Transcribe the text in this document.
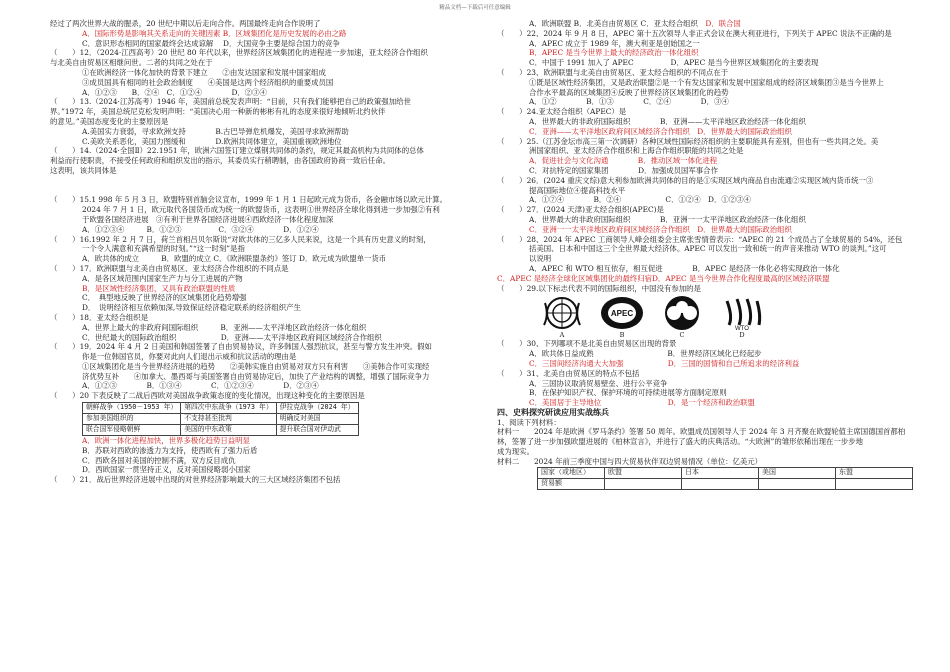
精品文档—下载后可任意编辑
经过了两次世界大战的腥杀，20 世纪中期以后走向合作。两国最终走向合作说明了
A．国际形势是影响其关系走向的关键因素 B．区域集团化是历史发展的必由之路
C．意识形态相同的国家最终会达成谅解　 D．大国竞争主要是综合国力的竞争
（　　）12．（2024·江西高考）20 世纪 80 年代以来，世界经济区域集团化的进程进一步加速，亚太经济合作组织
与北美自由贸易区相继问世。二者的共同之处在于
①在欧洲经济一体化加快的背景下建立　　②由发达国家和发展中国家组成
③成员国具有相同的社会政治制度　　④美国是这两个经济组织的重要成员国
A．①②③　　B．②④　C．①②④　　　　D．②③④
（　　）13.（2024·江苏高考）1946 年，美国前总统发表声明：“目前，只有我们能够把自己的政策强加给世
界。”1972 年，美国总统尼克松发明声明：“美国决心用一种新的彬彬有礼的态度来很好地倾听北约伙伴
的意见。”美国态度变化的主要原因是
A.美国实力衰弱，寻求欧洲支持　　　　B.古巴导弹危机爆发，美国寻求欧洲帮助
C.美欧关系恶化，美国力图缓和　　　　D.欧洲共同体建立，美国重视欧洲地位
（　　）14.（2024·全国Ⅱ）22.1951 年，欧洲六国签订建立煤钢共同体的条约，规定其最高机构为共同体的总体
利益而行使职责，不接受任何政府和组织发出的指示，其委员实行稍聘制，由各国政府协商一致后任命。
这表明，该共同体是
（　　）15.1 998 年 5 月 3 日，欧盟特别首脑会议宣布，1999 年 1 月 1 日起欧元成为货币，各金融市场以欧元计算。
2024 年 7 月 1 日，欧元取代各国货币成为统一的欧盟货币，这表明①世界经济全球化得到进一步加强②有利
于欧盟各国经济进展　③有利于世界各国经济进展④西欧经济一体化程度加深
A．①②③④　　　B．①②③　　　　　C．③②④　　　　D．①②④
（　　）16.1992 年 2 月 7 日，荷兰首相吕贝尔斯说“对欧共体的三亿多人民来说，这是一个具有历史意义的时刻，
一个令人满意和充满希望的时刻。”“这一时刻”是指
A．欧共体的成立　　　B．欧盟的成立 C．《欧洲联盟条约》签订 D．欧元成为欧盟单一货币
（　　）17．欧洲联盟与北美自由贸易区、亚太经济合作组织的不同点是
A．是各区域范围内国家生产力与分工进展的产物
B．是区域性经济集团，又具有政治联盟的性质
C．　典型地反映了世界经济的区域集团化趋势增强
D．　说明经济相互依赖加深,导致保证经济稳定联系的经济组织产生
（　　）18．亚太经合组织是
A．世界上最大的非政府间国际组织　　　B．亚洲——太平洋地区政治经济一体化组织
C．世纪最大的国际政治组织　　　　　　D．亚洲——太平洋地区政府间区域经济合作组织
（　　）19．2024 年 4 月 2 日美国和韩国签署了自由贸易协议，许多韩国人强烈抗议，甚至与警方发生冲突。假如
你是一位韩国官员，你要对此向人们退出示威和抗议活动的理由是
①区域集团化是当今世界经济进展的趋势　　②美韩实施自由贸易对双方只有利害　　③美韩合作可实现经
济优势互补　　④加拿大、墨西哥与美国签署自由贸易协定后，加快了产业结构的调整，增强了国际竞争力
A．①②③　　　　B．①③④　　　　C．①②③④　　　　D．②③④
（　　）20 下表反映了二战后西欧对美国战争政策态度的变化情况，出现这种变化的主要原因是
朝鲜战争（1950－1953 年）	第四次中东战争（1973 年）	伊拉克战争（2024 年）
参加美国组织的	不支持甚至批判	明确反对美国
联合国军侵略朝鲜	美国的中东政策	提升联合国对伊动武
A．欧洲一体化进程加快，世界多极化趋势日益明显
B．苏联对西欧的渗透力为支持，使西欧有了强力后盾
C．西欧各国对美国的控制不满，双方反目成仇
D．西欧国家一贯坚持正义，反对美国侵略弱小国家
（　　）21．战后世界经济进展中出现的对世界经济影响最大的三大区域经济集团不包括
A．欧洲联盟 B．北美自由贸易区 C．亚太经合组织　D．联合国
（　　）22、2024 年 9 月 8 日，APEC 第十五次领导人非正式会议在澳大利亚进行，下列关于 APEC 说法不正确的是
A．APEC 成立于 1989 年，澳大利亚是创始国之一
B．APEC 是当今世界上最大的经济政治一体化组织
C．中国于 1991 加入了 APEC　　　　　D．APEC 是当今世界区域集团化的主要表现
（　　）23、欧洲联盟与北美自由贸易区、亚太经合组织的不同点在于
①既是区域性经济集团，又是政治联盟②是一个有发达国家和发展中国家组成的经济区域集团③是当今世界上
合作水平最高的区域集团④反映了世界经济区域集团化的趋势
A．①②　　　　B．①③　　　　C．②④　　　　D．③④
（　　）24.亚太经合组织（APEC）是
A．世界最大的非政府国际组织　　　　B．亚洲——太平洋地区政治经济一体化组织
C．亚洲——太平洋地区政府间区域经济合作组织　D．世界最大的国际政治组织
（　　）25.（江苏金坛市高三第一次调研）各种区域性国际经济组织的主要职能具有差别，但也有一些共同之处。美
洲国家组织、亚太经济合作组织和上海合作组织职能的共同之处是
A．促进社会与文化沟通　　　　B．推动区域一体化进程
C．对抗特定的国家集团　　　　D．加强成员国军事合作
（　　）26．(2024 重庆文综)意大利参加欧洲共同体的目的是①实现区域内商品自由流通②实现区域内货币统一③
提高国际地位④提高科技水平
A．①⑦④　　　　B．②④　　　　　　C．①②④　D．①②③④
（　　）27．(2024 天津)亚太经合组织(APEC)是
A．世界最大的非政府国际组织　　　　B．亚洲一一太平洋地区政治经济一体化组织
C．亚洲一一太平洋地区政府间区域经济合作组织　D．世界最大的国际政治组织
（　　）28、2024 年 APEC 工商领导人峰会组委会主席张雪情曾表示：“APEC 的 21 个成员占了全球贸易的 54%，还包
括美国、日本和中国这三个全世界最大经济体。APEC 可以发出一致和统一的声音来推动 WTO 的谈判。”这可
以说明
A．APEC 和 WTO 相互依存，相互促进　　　　B．APEC 是经济一体化必将实现政治一体化
C．APEC 是经济全球化区域集团化的最终归宿D．APEC 是当今世界合作化程度最高的区域经济联盟
（　　）29.以下标志代表不同的国际组织，中国没有参加的是
A
APEC
B	C
WTO
D
（　　）30、下列哪项不是北美自由贸易区出现的背景
A．欧共体日益成熟　　　　　　　　　　B．世界经济区域化已经起步
C．三国间经济沟通大大加强　　　　　　D．三国的国情和自己所追求的经济利益
（　　）31、北美自由贸易区的特点不包括
A．三国协议取消贸易壁垒、进行公平竞争
B．在保护知识产权、保护环境的可持续进展等方面制定原则
C．美国居于主导地位　　　　　　　　　D．是一个经济和政治联盟
四、史料探究研读应用实战练兵
1、阅读下列材料：
材料一　　2024 年是欧洲《罗马条约》签署 50 周年。欧盟成员国领导人于 2024 年 3 月齐聚在欧盟轮值主席国德国首都柏
林，签署了进一步加强欧盟进展的《柏林宣言》，并进行了盛大的庆典活动。“大欧洲”的雏形依稀出现在一步步地
成为现实。
材料二　　2024 年前三季度中国与四大贸易伙伴双边贸易情况（单位：亿美元）
国家（或地区）	欧盟	日本	美国	东盟
贸易额				
